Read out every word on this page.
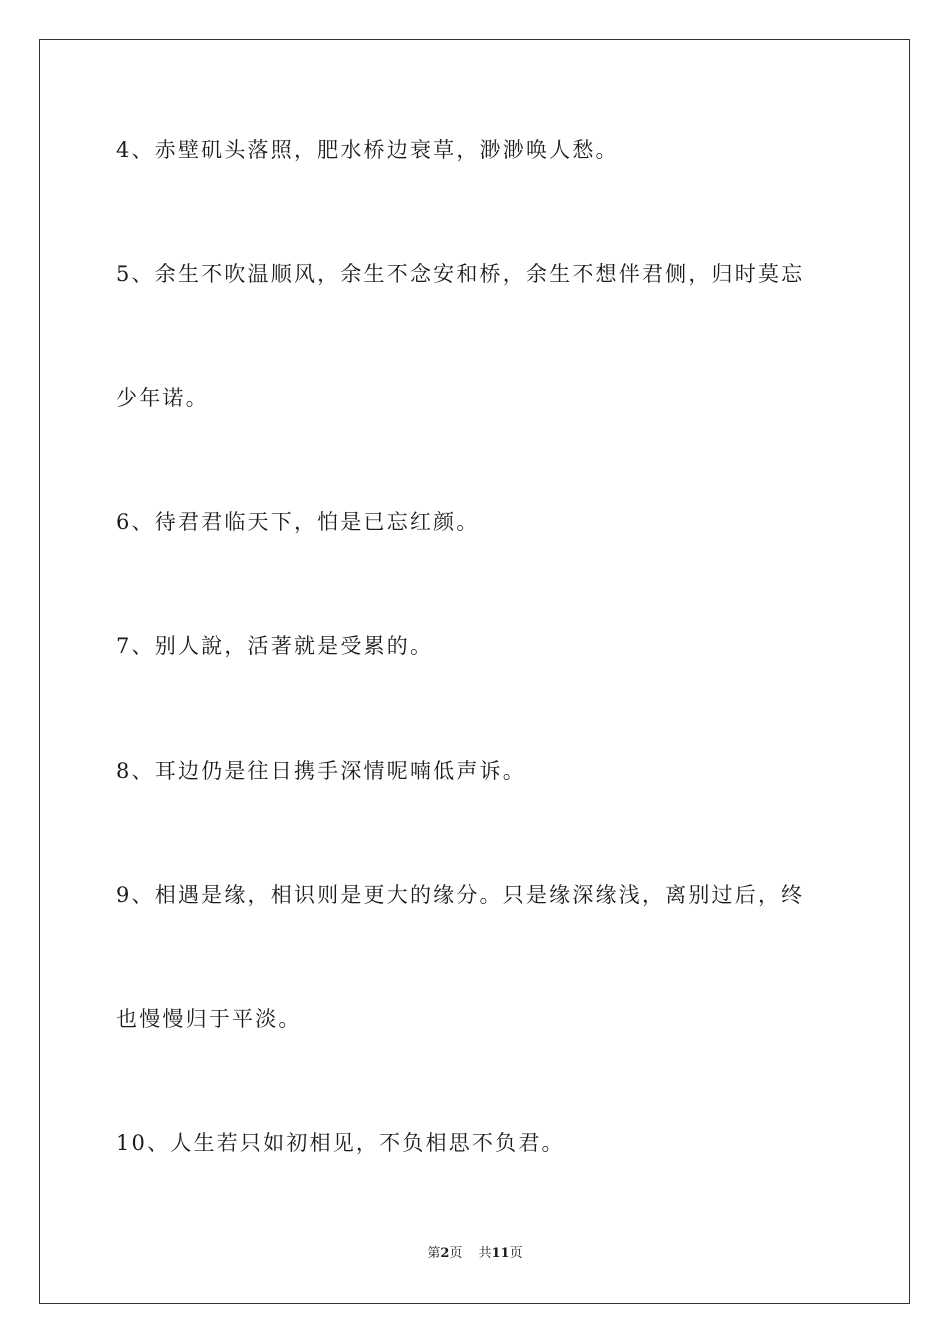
4、赤壁矶头落照，肥水桥边衰草，渺渺唤人愁。
5、余生不吹温顺风，余生不念安和桥，余生不想伴君侧，归时莫忘
少年诺。
6、待君君临天下，怕是已忘红颜。
7、别人說，活著就是受累的。
8、耳边仍是往日携手深情呢喃低声诉。
9、相遇是缘，相识则是更大的缘分。只是缘深缘浅，离别过后，终
也慢慢归于平淡。
10、人生若只如初相见，不负相思不负君。
第2页 共11页
